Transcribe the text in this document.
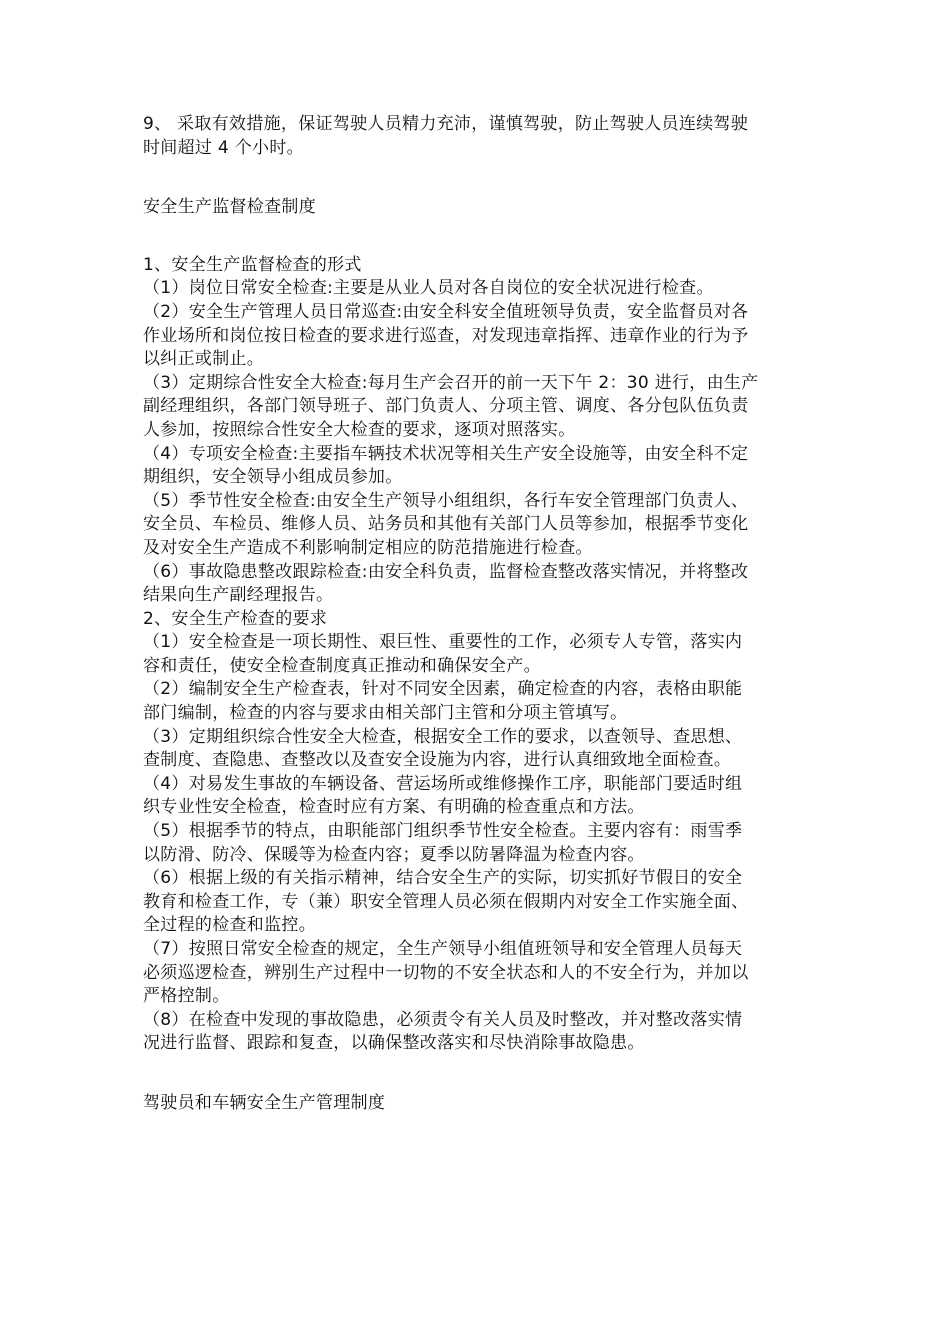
9、 采取有效措施，保证驾驶人员精力充沛，谨慎驾驶，防止驾驶人员连续驾驶
时间超过 4 个小时。
安全生产监督检查制度
1、安全生产监督检查的形式
（1）岗位日常安全检查:主要是从业人员对各自岗位的安全状况进行检查。
（2）安全生产管理人员日常巡查:由安全科安全值班领导负责，安全监督员对各
作业场所和岗位按日检查的要求进行巡查，对发现违章指挥、违章作业的行为予
以纠正或制止。
（3）定期综合性安全大检查:每月生产会召开的前一天下午 2：30 进行，由生产
副经理组织，各部门领导班子、部门负责人、分项主管、调度、各分包队伍负责
人参加，按照综合性安全大检查的要求，逐项对照落实。
（4）专项安全检查:主要指车辆技术状况等相关生产安全设施等，由安全科不定
期组织，安全领导小组成员参加。
（5）季节性安全检查:由安全生产领导小组组织，各行车安全管理部门负责人、
安全员、车检员、维修人员、站务员和其他有关部门人员等参加，根据季节变化
及对安全生产造成不利影响制定相应的防范措施进行检查。
（6）事故隐患整改跟踪检查:由安全科负责，监督检查整改落实情况，并将整改
结果向生产副经理报告。
2、安全生产检查的要求
（1）安全检查是一项长期性、艰巨性、重要性的工作，必须专人专管，落实内
容和责任，使安全检查制度真正推动和确保安全产。
（2）编制安全生产检查表，针对不同安全因素，确定检查的内容，表格由职能
部门编制，检查的内容与要求由相关部门主管和分项主管填写。
（3）定期组织综合性安全大检查，根据安全工作的要求，以查领导、查思想、
查制度、查隐患、查整改以及查安全设施为内容，进行认真细致地全面检查。
（4）对易发生事故的车辆设备、营运场所或维修操作工序，职能部门要适时组
织专业性安全检查，检查时应有方案、有明确的检查重点和方法。
（5）根据季节的特点，由职能部门组织季节性安全检查。主要内容有：雨雪季
以防滑、防冷、保暖等为检查内容；夏季以防暑降温为检查内容。
（6）根据上级的有关指示精神，结合安全生产的实际，切实抓好节假日的安全
教育和检查工作，专（兼）职安全管理人员必须在假期内对安全工作实施全面、
全过程的检查和监控。
（7）按照日常安全检查的规定，全生产领导小组值班领导和安全管理人员每天
必须巡逻检查，辨别生产过程中一切物的不安全状态和人的不安全行为，并加以
严格控制。
（8）在检查中发现的事故隐患，必须责令有关人员及时整改，并对整改落实情
况进行监督、跟踪和复查，以确保整改落实和尽快消除事故隐患。
驾驶员和车辆安全生产管理制度
